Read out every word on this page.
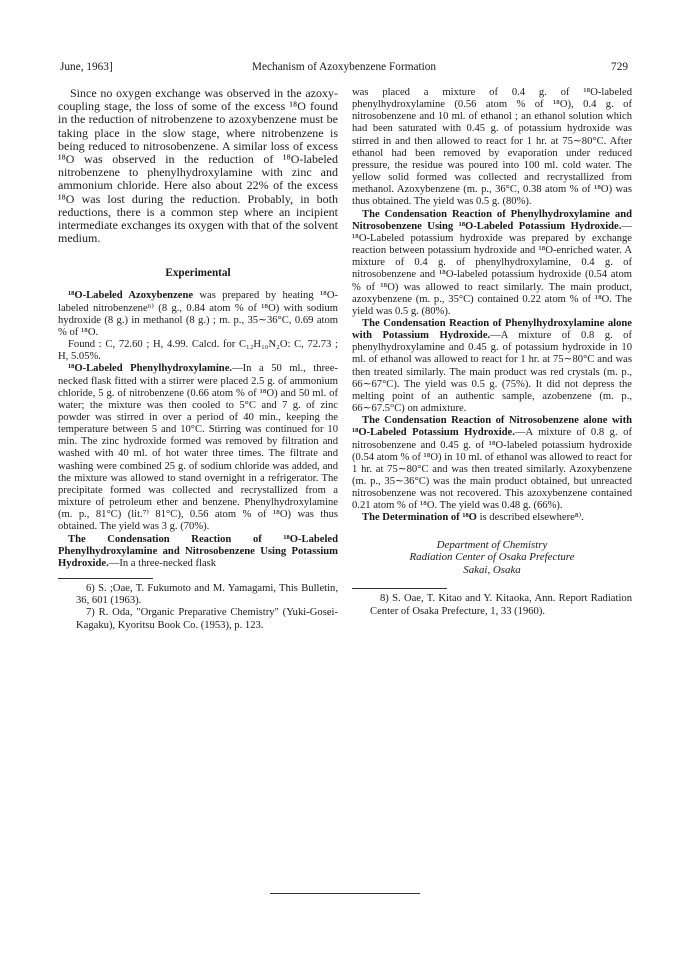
June, 1963]	Mechanism of Azoxybenzene Formation	729

Since no oxygen exchange was observed in the azoxy-coupling stage, the loss of some of the excess ¹⁸O found in the reduction of nitrobenzene to azoxybenzene must be taking place in the slow stage, where nitrobenzene is being reduced to nitrosobenzene. A similar loss of excess ¹⁸O was observed in the reduction of ¹⁸O-labeled nitrobenzene to phenylhydroxylamine with zinc and ammonium chloride. Here also about 22% of the excess ¹⁸O was lost during the reduction. Probably, in both reductions, there is a common step where an incipient intermediate exchanges its oxygen with that of the solvent medium.

Experimental

¹⁸O-Labeled Azoxybenzene was prepared by heating ¹⁸O-labeled nitrobenzene⁶⁾ (8 g., 0.84 atom % of ¹⁸O) with sodium hydroxide (8 g.) in methanol (8 g.) ; m. p., 35∼36°C, 0.69 atom % of ¹⁸O.

Found : C, 72.60 ; H, 4.99. Calcd. for C₁₂H₁₀N₂O: C, 72.73 ; H, 5.05%.

¹⁸O-Labeled Phenylhydroxylamine.—In a 50 ml., three-necked flask fitted with a stirrer were placed 2.5 g. of ammonium chloride, 5 g. of nitrobenzene (0.66 atom % of ¹⁸O) and 50 ml. of water; the mixture was then cooled to 5°C and 7 g. of zinc powder was stirred in over a period of 40 min., keeping the temperature between 5 and 10°C. Stirring was continued for 10 min. The zinc hydroxide formed was removed by filtration and washed with 40 ml. of hot water three times. The filtrate and washing were combined 25 g. of sodium chloride was added, and the mixture was allowed to stand overnight in a refrigerator. The precipitate formed was collected and recrystallized from a mixture of petroleum ether and benzene. Phenylhydroxylamine (m. p., 81°C) (lit.⁷⁾ 81°C), 0.56 atom % of ¹⁸O) was thus obtained. The yield was 3 g. (70%).

The Condensation Reaction of ¹⁸O-Labeled Phenylhydroxylamine and Nitrosobenzene Using Potassium Hydroxide.—In a three-necked flask

6) S. ;Oae, T. Fukumoto and M. Yamagami, This Bulletin, 36, 601 (1963).

7) R. Oda, "Organic Preparative Chemistry" (Yuki-Gosei-Kagaku), Kyoritsu Book Co. (1953), p. 123.

was placed a mixture of 0.4 g. of ¹⁸O-labeled phenylhydroxylamine (0.56 atom % of ¹⁸O), 0.4 g. of nitrosobenzene and 10 ml. of ethanol ; an ethanol solution which had been saturated with 0.45 g. of potassium hydroxide was stirred in and then allowed to react for 1 hr. at 75∼80°C. After ethanol had been removed by evaporation under reduced pressure, the residue was poured into 100 ml. cold water. The yellow solid formed was collected and recrystallized from methanol. Azoxybenzene (m. p., 36°C, 0.38 atom % of ¹⁸O) was thus obtained. The yield was 0.5 g. (80%).

The Condensation Reaction of Phenylhydroxylamine and Nitrosobenzene Using ¹⁸O-Labeled Potassium Hydroxide.—¹⁸O-Labeled potassium hydroxide was prepared by exchange reaction between potassium hydroxide and ¹⁸O-enriched water. A mixture of 0.4 g. of phenylhydroxylamine, 0.4 g. of nitrosobenzene and ¹⁸O-labeled potassium hydroxide (0.54 atom % of ¹⁸O) was allowed to react similarly. The main product, azoxybenzene (m. p., 35°C) contained 0.22 atom % of ¹⁸O. The yield was 0.5 g. (80%).

The Condensation Reaction of Phenylhydroxylamine alone with Potassium Hydroxide.—A mixture of 0.8 g. of phenylhydroxylamine and 0.45 g. of potassium hydroxide in 10 ml. of ethanol was allowed to react for 1 hr. at 75∼80°C and was then treated similarly. The main product was red crystals (m. p., 66∼67°C). The yield was 0.5 g. (75%). It did not depress the melting point of an authentic sample, azobenzene (m. p., 66∼67.5°C) on admixture.

The Condensation Reaction of Nitrosobenzene alone with ¹⁸O-Labeled Potassium Hydroxide.—A mixture of 0.8 g. of nitrosobenzene and 0.45 g. of ¹⁸O-labeled potassium hydroxide (0.54 atom % of ¹⁸O) in 10 ml. of ethanol was allowed to react for 1 hr. at 75∼80°C and was then treated similarly. Azoxybenzene (m. p., 35∼36°C) was the main product obtained, but unreacted nitrosobenzene was not recovered. This azoxybenzene contained 0.21 atom % of ¹⁸O. The yield was 0.48 g. (66%).

The Determination of ¹⁸O is described elsewhere⁸⁾.

Department of Chemistry
Radiation Center of Osaka Prefecture
Sakai, Osaka

8) S. Oae, T. Kitao and Y. Kitaoka, Ann. Report Radiation Center of Osaka Prefecture, 1, 33 (1960).
